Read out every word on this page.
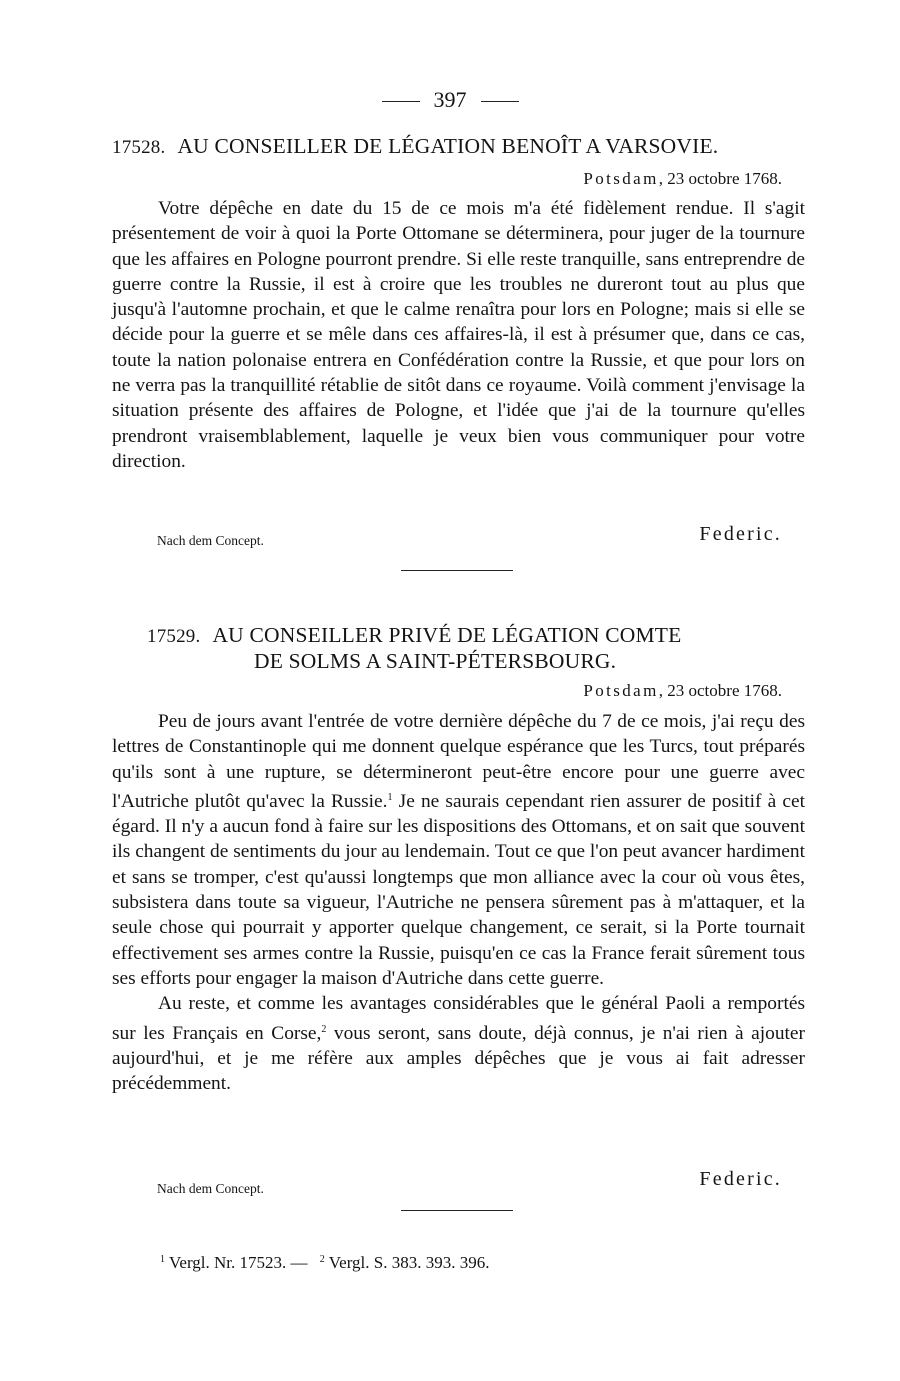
397
17528. AU CONSEILLER DE LÉGATION BENOÎT A VARSOVIE.
Potsdam, 23 octobre 1768.

Votre dépêche en date du 15 de ce mois m'a été fidèlement rendue. Il s'agit présentement de voir à quoi la Porte Ottomane se déterminera, pour juger de la tournure que les affaires en Pologne pourront prendre. Si elle reste tranquille, sans entreprendre de guerre contre la Russie, il est à croire que les troubles ne dureront tout au plus que jusqu'à l'automne prochain, et que le calme renaîtra pour lors en Pologne; mais si elle se décide pour la guerre et se mêle dans ces affaires-là, il est à présumer que, dans ce cas, toute la nation polonaise entrera en Confédération contre la Russie, et que pour lors on ne verra pas la tranquillité rétablie de sitôt dans ce royaume. Voilà comment j'envisage la situation présente des affaires de Pologne, et l'idée que j'ai de la tournure qu'elles prendront vraisemblablement, laquelle je veux bien vous communiquer pour votre direction.

Nach dem Concept.	Federic.
17529. AU CONSEILLER PRIVÉ DE LÉGATION COMTE
DE SOLMS A SAINT-PÉTERSBOURG.
Potsdam, 23 octobre 1768.

Peu de jours avant l'entrée de votre dernière dépêche du 7 de ce mois, j'ai reçu des lettres de Constantinople qui me donnent quelque espérance que les Turcs, tout préparés qu'ils sont à une rupture, se détermineront peut-être encore pour une guerre avec l'Autriche plutôt qu'avec la Russie.$^1$ Je ne saurais cependant rien assurer de positif à cet égard. Il n'y a aucun fond à faire sur les dispositions des Ottomans, et on sait que souvent ils changent de sentiments du jour au lendemain. Tout ce que l'on peut avancer hardiment et sans se tromper, c'est qu'aussi longtemps que mon alliance avec la cour où vous êtes, subsistera dans toute sa vigueur, l'Autriche ne pensera sûrement pas à m'attaquer, et la seule chose qui pourrait y apporter quelque changement, ce serait, si la Porte tournait effectivement ses armes contre la Russie, puisqu'en ce cas la France ferait sûrement tous ses efforts pour engager la maison d'Autriche dans cette guerre.

Au reste, et comme les avantages considérables que le général Paoli a remportés sur les Français en Corse,$^2$ vous seront, sans doute, déjà connus, je n'ai rien à ajouter aujourd'hui, et je me réfère aux amples dépêches que je vous ai fait adresser précédemment.

Nach dem Concept.	Federic.
$^1$ Vergl. Nr. 17523. — $^2$ Vergl. S. 383. 393. 396.
